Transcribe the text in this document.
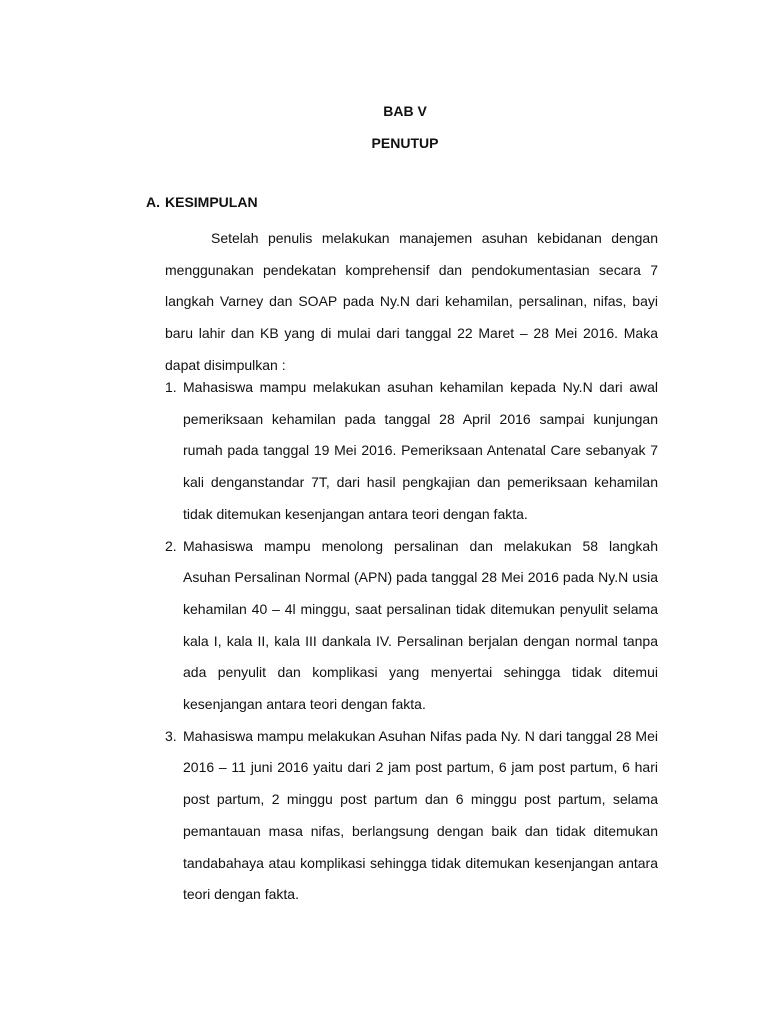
BAB V
PENUTUP
A. KESIMPULAN

Setelah penulis melakukan manajemen asuhan kebidanan dengan menggunakan pendekatan komprehensif dan pendokumentasian secara 7 langkah Varney dan SOAP pada Ny.N dari kehamilan, persalinan, nifas, bayi baru lahir dan KB yang di mulai dari tanggal 22 Maret – 28 Mei 2016. Maka dapat disimpulkan :

1. Mahasiswa mampu melakukan asuhan kehamilan kepada Ny.N dari awal pemeriksaan kehamilan pada tanggal 28 April 2016 sampai kunjungan rumah pada tanggal 19 Mei 2016. Pemeriksaan Antenatal Care sebanyak 7 kali denganstandar 7T, dari hasil pengkajian dan pemeriksaan kehamilan tidak ditemukan kesenjangan antara teori dengan fakta.
2. Mahasiswa mampu menolong persalinan dan melakukan 58 langkah Asuhan Persalinan Normal (APN) pada tanggal 28 Mei 2016 pada Ny.N usia kehamilan 40 – 4l minggu, saat persalinan tidak ditemukan penyulit selama kala I, kala II, kala III dankala IV. Persalinan berjalan dengan normal tanpa ada penyulit dan komplikasi yang menyertai sehingga tidak ditemui kesenjangan antara teori dengan fakta.
3. Mahasiswa mampu melakukan Asuhan Nifas pada Ny. N dari tanggal 28 Mei 2016 – 11 juni 2016 yaitu dari 2 jam post partum, 6 jam post partum, 6 hari post partum, 2 minggu post partum dan 6 minggu post partum, selama pemantauan masa nifas, berlangsung dengan baik dan tidak ditemukan tandabahaya atau komplikasi sehingga tidak ditemukan kesenjangan antara teori dengan fakta.
